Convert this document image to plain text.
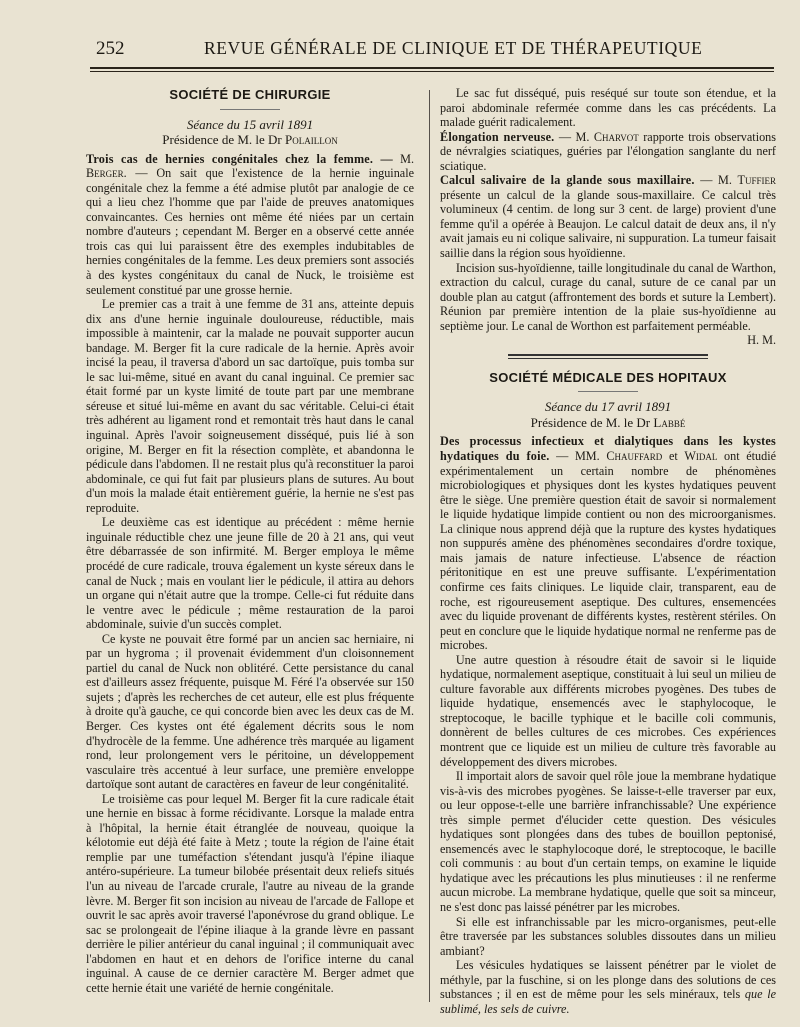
252	REVUE GÉNÉRALE DE CLINIQUE ET DE THÉRAPEUTIQUE
SOCIÉTÉ DE CHIRURGIE
Séance du 15 avril 1891
Présidence de M. le Dr Polaillon

Trois cas de hernies congénitales chez la femme. — M. Berger. — On sait que l'existence de la hernie inguinale congénitale chez la femme a été admise plutôt par analogie de ce qui a lieu chez l'homme que par l'aide de preuves anatomiques convaincantes. Ces hernies ont même été niées par un certain nombre d'auteurs ; cependant M. Berger en a observé cette année trois cas qui lui paraissent être des exemples indubitables de hernies congénitales de la femme. Les deux premiers sont associés à des kystes congénitaux du canal de Nuck, le troisième est seulement constitué par une grosse hernie.

Le premier cas a trait à une femme de 31 ans, atteinte depuis dix ans d'une hernie inguinale douloureuse, réductible, mais impossible à maintenir, car la malade ne pouvait supporter aucun bandage. M. Berger fit la cure radicale de la hernie. Après avoir incisé la peau, il traversa d'abord un sac dartoïque, puis tomba sur le sac lui-même, situé en avant du canal inguinal. Ce premier sac était formé par un kyste limité de toute part par une membrane séreuse et situé lui-même en avant du sac véritable. Celui-ci était très adhérent au ligament rond et remontait très haut dans le canal inguinal. Après l'avoir soigneusement disséqué, puis lié à son origine, M. Berger en fit la résection complète, et abandonna le pédicule dans l'abdomen. Il ne restait plus qu'à reconstituer la paroi abdominale, ce qui fut fait par plusieurs plans de sutures. Au bout d'un mois la malade était entièrement guérie, la hernie ne s'est pas reproduite.

Le deuxième cas est identique au précédent : même hernie inguinale réductible chez une jeune fille de 20 à 21 ans, qui veut être débarrassée de son infirmité. M. Berger employa le même procédé de cure radicale, trouva également un kyste séreux dans le canal de Nuck ; mais en voulant lier le pédicule, il attira au dehors un organe qui n'était autre que la trompe. Celle-ci fut réduite dans le ventre avec le pédicule ; même restauration de la paroi abdominale, suivie d'un succès complet.

Ce kyste ne pouvait être formé par un ancien sac herniaire, ni par un hygroma ; il provenait évidemment d'un cloisonnement partiel du canal de Nuck non oblitéré. Cette persistance du canal est d'ailleurs assez fréquente, puisque M. Féré l'a observée sur 150 sujets ; d'après les recherches de cet auteur, elle est plus fréquente à droite qu'à gauche, ce qui concorde bien avec les deux cas de M. Berger. Ces kystes ont été également décrits sous le nom d'hydrocèle de la femme. Une adhérence très marquée au ligament rond, leur prolongement vers le péritoine, un développement vasculaire très accentué à leur surface, une première enveloppe dartoïque sont autant de caractères en faveur de leur congénitalité.

Le troisième cas pour lequel M. Berger fit la cure radicale était une hernie en bissac à forme récidivante. Lorsque la malade entra à l'hôpital, la hernie était étranglée de nouveau, quoique la kélotomie eut déjà été faite à Metz ; toute la région de l'aine était remplie par une tuméfaction s'étendant jusqu'à l'épine iliaque antéro-supérieure. La tumeur bilobée présentait deux reliefs situés l'un au niveau de l'arcade crurale, l'autre au niveau de la grande lèvre. M. Berger fit son incision au niveau de l'arcade de Fallope et ouvrit le sac après avoir traversé l'aponévrose du grand oblique. Le sac se prolongeait de l'épine iliaque à la grande lèvre en passant derrière le pilier antérieur du canal inguinal ; il communiquait avec l'abdomen en haut et en dehors de l'orifice interne du canal inguinal. A cause de ce dernier caractère M. Berger admet que cette hernie était une variété de hernie congénitale.

Le sac fut disséqué, puis reséqué sur toute son étendue, et la paroi abdominale refermée comme dans les cas précédents. La malade guérit radicalement.

Élongation nerveuse. — M. Charvot rapporte trois observations de névralgies sciatiques, guéries par l'élongation sanglante du nerf sciatique.

Calcul salivaire de la glande sous maxillaire. — M. Tuffier présente un calcul de la glande sous-maxillaire. Ce calcul très volumineux (4 centim. de long sur 3 cent. de large) provient d'une femme qu'il a opérée à Beaujon. Le calcul datait de deux ans, il n'y avait jamais eu ni colique salivaire, ni suppuration. La tumeur faisait saillie dans la région sous hyoïdienne.

Incision sus-hyoïdienne, taille longitudinale du canal de Warthon, extraction du calcul, curage du canal, suture de ce canal par un double plan au catgut (affrontement des bords et suture la Lembert). Réunion par première intention de la plaie sus-hyoïdienne au septième jour. Le canal de Worthon est parfaitement perméable.

H. M.
SOCIÉTÉ MÉDICALE DES HOPITAUX
Séance du 17 avril 1891
Présidence de M. le Dr Labbé

Des processus infectieux et dialytiques dans les kystes hydatiques du foie. — MM. Chauffard et Widal ont étudié expérimentalement un certain nombre de phénomènes microbiologiques et physiques dont les kystes hydatiques peuvent être le siège. Une première question était de savoir si normalement le liquide hydatique limpide contient ou non des microorganismes. La clinique nous apprend déjà que la rupture des kystes hydatiques non suppurés amène des phénomènes secondaires d'ordre toxique, mais jamais de nature infectieuse. L'absence de réaction péritonitique en est une preuve suffisante. L'expérimentation confirme ces faits cliniques. Le liquide clair, transparent, eau de roche, est rigoureusement aseptique. Des cultures, ensemencées avec du liquide provenant de différents kystes, restèrent stériles. On peut en conclure que le liquide hydatique normal ne renferme pas de microbes.

Une autre question à résoudre était de savoir si le liquide hydatique, normalement aseptique, constituait à lui seul un milieu de culture favorable aux différents microbes pyogènes. Des tubes de liquide hydatique, ensemencés avec le staphylocoque, le streptocoque, le bacille typhique et le bacille coli communis, donnèrent de belles cultures de ces microbes. Ces expériences montrent que ce liquide est un milieu de culture très favorable au développement des divers microbes.

Il importait alors de savoir quel rôle joue la membrane hydatique vis-à-vis des microbes pyogènes. Se laisse-t-elle traverser par eux, ou leur oppose-t-elle une barrière infranchissable? Une expérience très simple permet d'élucider cette question. Des vésicules hydatiques sont plongées dans des tubes de bouillon peptonisé, ensemencés avec le staphylocoque doré, le streptocoque, le bacille coli communis : au bout d'un certain temps, on examine le liquide hydatique avec les précautions les plus minutieuses : il ne renferme aucun microbe. La membrane hydatique, quelle que soit sa minceur, ne s'est donc pas laissé pénétrer par les microbes.

Si elle est infranchissable par les micro-organismes, peut-elle être traversée par les substances solubles dissoutes dans un milieu ambiant?

Les vésicules hydatiques se laissent pénétrer par le violet de méthyle, par la fuschine, si on les plonge dans des solutions de ces substances ; il en est de même pour les sels minéraux, tels que le sublimé, les sels de cuivre.
